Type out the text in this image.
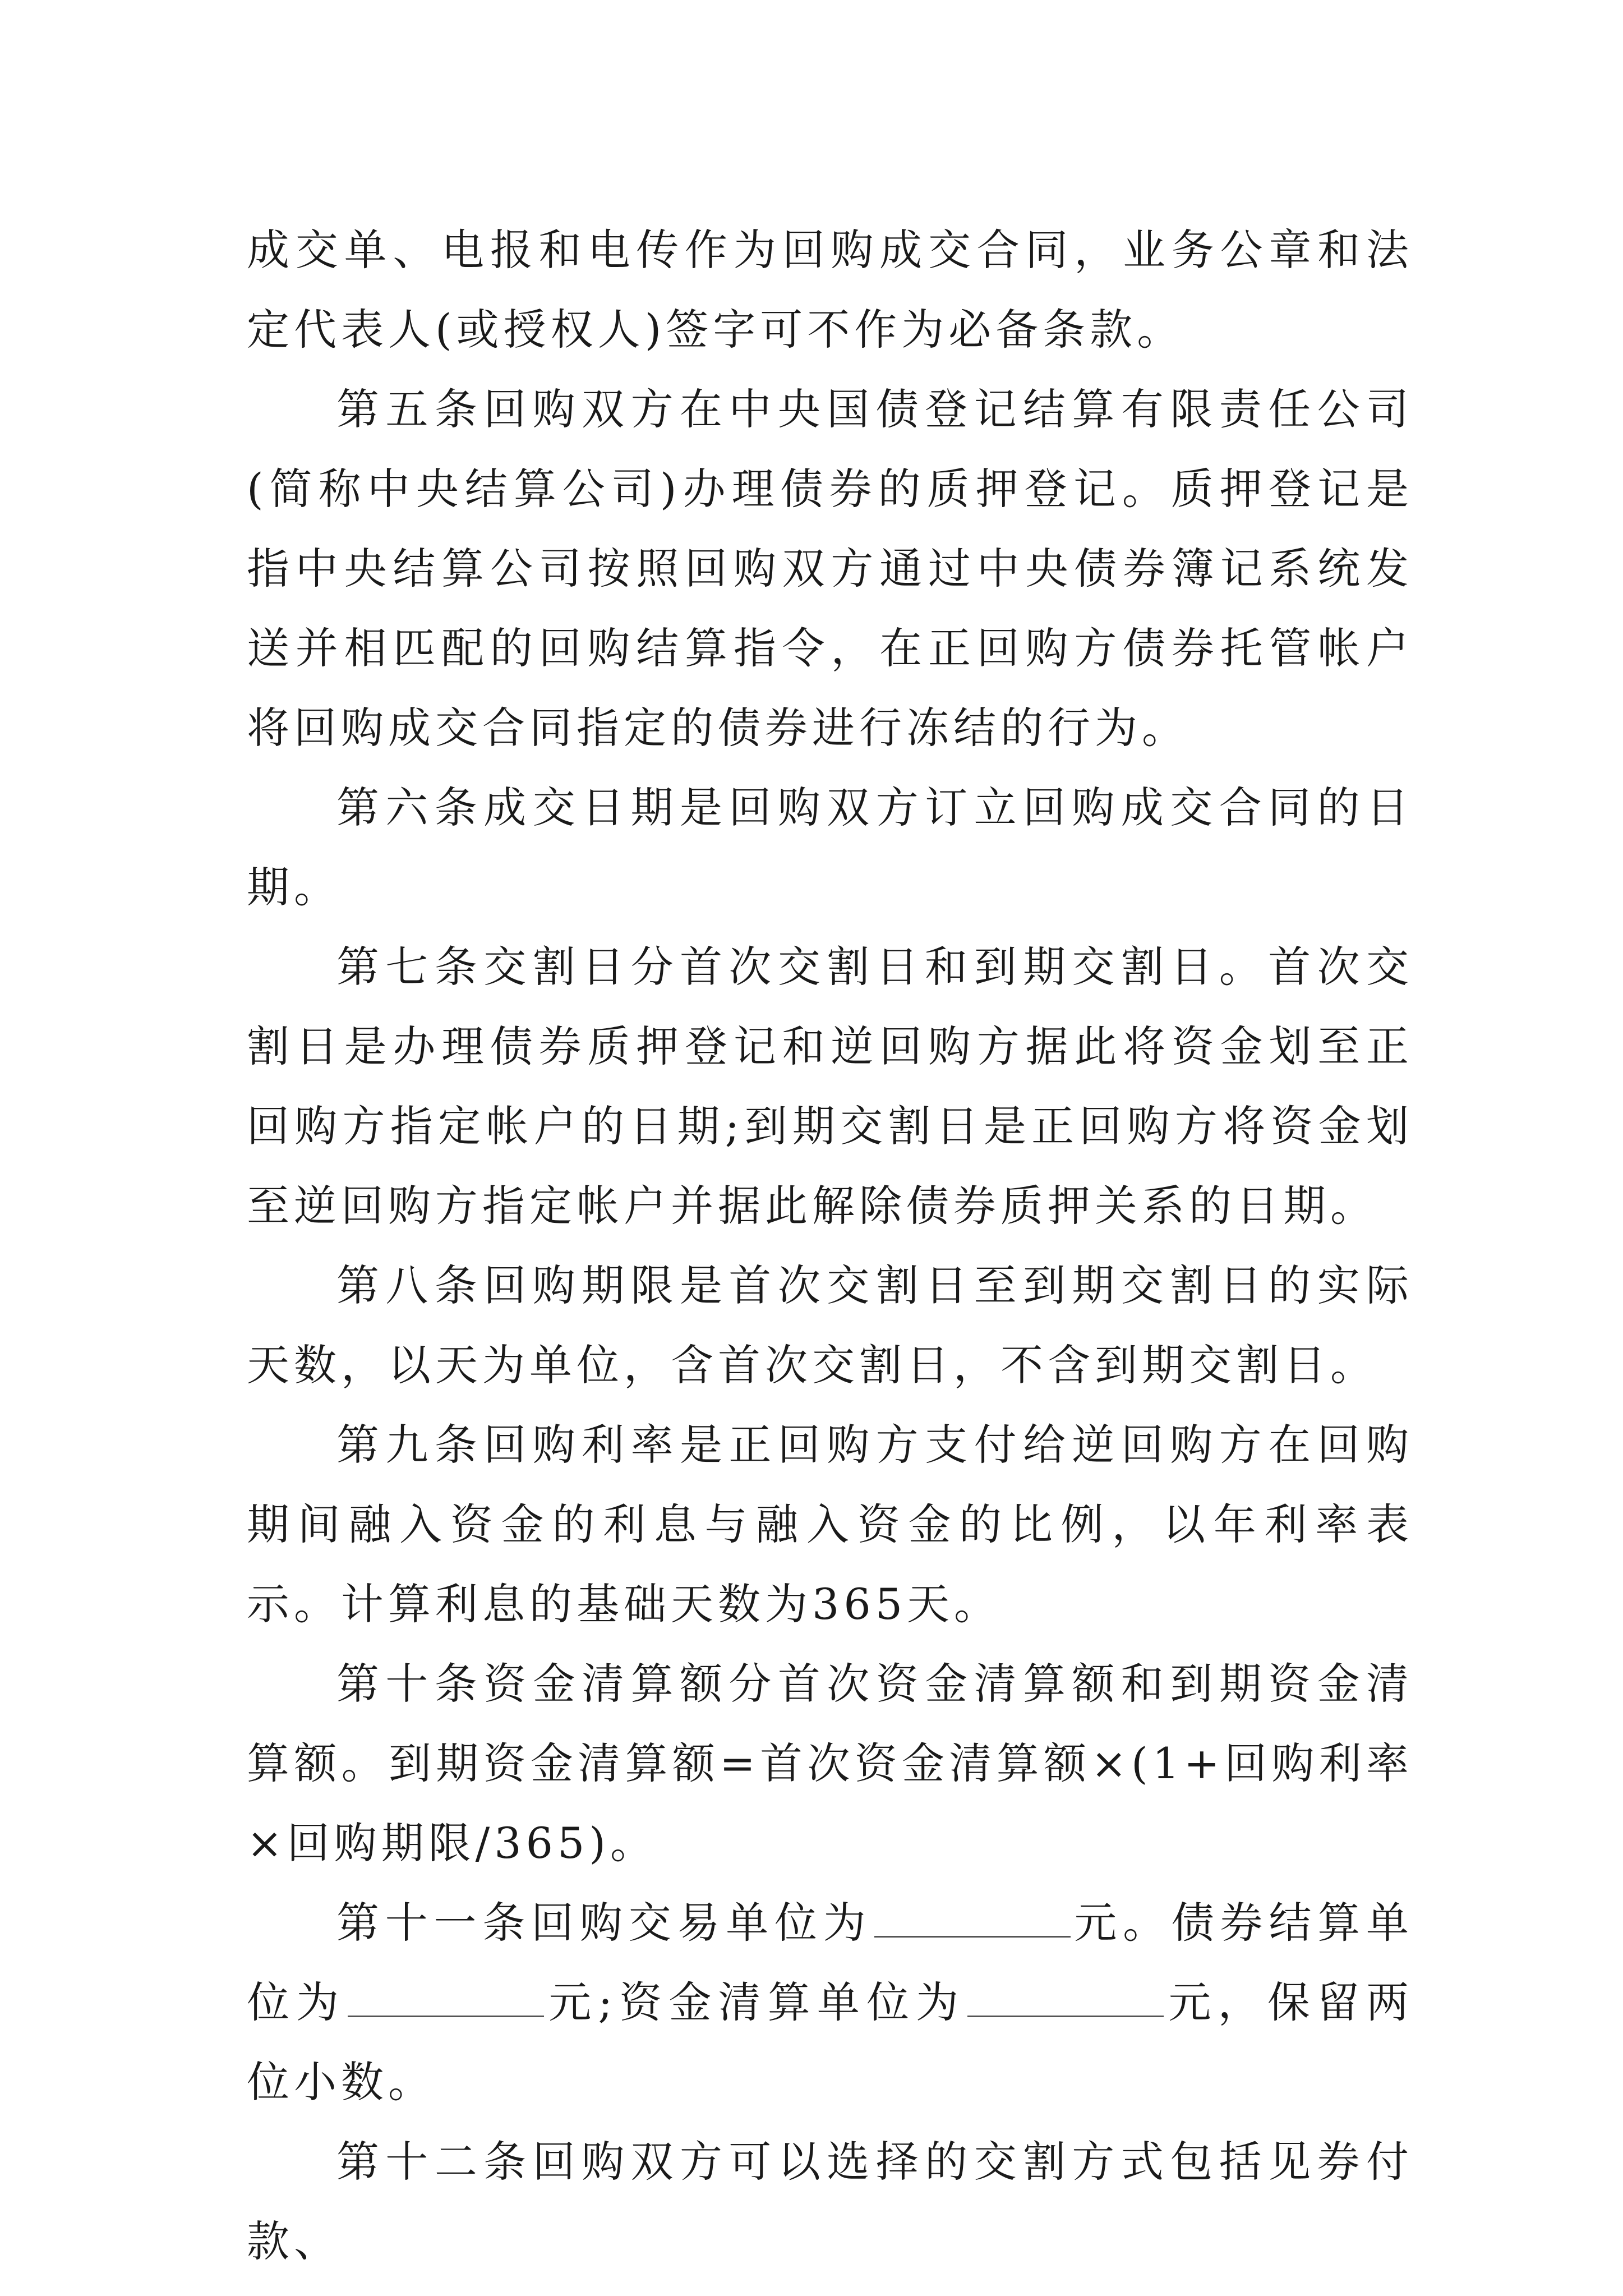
成交单、电报和电传作为回购成交合同，业务公章和法定代表人(或授权人)签字可不作为必备条款。

第五条回购双方在中央国债登记结算有限责任公司(简称中央结算公司)办理债券的质押登记。质押登记是指中央结算公司按照回购双方通过中央债券簿记系统发送并相匹配的回购结算指令，在正回购方债券托管帐户将回购成交合同指定的债券进行冻结的行为。

第六条成交日期是回购双方订立回购成交合同的日期。

第七条交割日分首次交割日和到期交割日。首次交割日是办理债券质押登记和逆回购方据此将资金划至正回购方指定帐户的日期;到期交割日是正回购方将资金划至逆回购方指定帐户并据此解除债券质押关系的日期。

第八条回购期限是首次交割日至到期交割日的实际天数，以天为单位，含首次交割日，不含到期交割日。

第九条回购利率是正回购方支付给逆回购方在回购期间融入资金的利息与融入资金的比例，以年利率表示。计算利息的基础天数为365天。

第十条资金清算额分首次资金清算额和到期资金清算额。到期资金清算额=首次资金清算额×(1+回购利率×回购期限/365)。

第十一条回购交易单位为	元。债券结算单位为	元;资金清算单位为	元，保留两位小数。

第十二条回购双方可以选择的交割方式包括见券付款、
